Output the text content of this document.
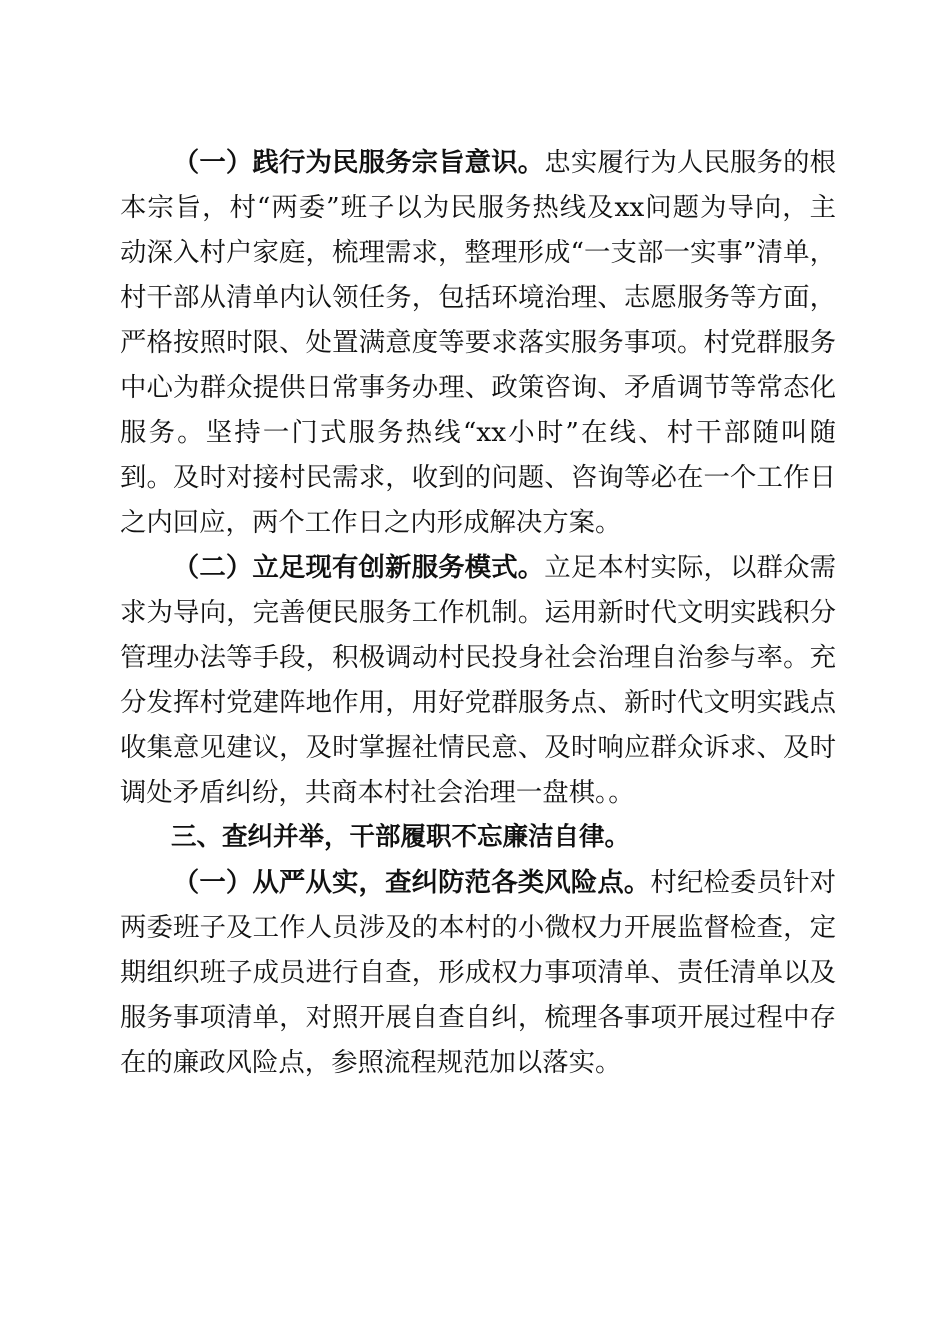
（一）践行为民服务宗旨意识。忠实履行为人民服务的根本宗旨，村“两委”班子以为民服务热线及xx问题为导向，主动深入村户家庭，梳理需求，整理形成“一支部一实事”清单，村干部从清单内认领任务，包括环境治理、志愿服务等方面，严格按照时限、处置满意度等要求落实服务事项。村党群服务中心为群众提供日常事务办理、政策咨询、矛盾调节等常态化服务。坚持一门式服务热线“xx小时”在线、村干部随叫随到。及时对接村民需求，收到的问题、咨询等必在一个工作日之内回应，两个工作日之内形成解决方案。

（二）立足现有创新服务模式。立足本村实际，以群众需求为导向，完善便民服务工作机制。运用新时代文明实践积分管理办法等手段，积极调动村民投身社会治理自治参与率。充分发挥村党建阵地作用，用好党群服务点、新时代文明实践点收集意见建议，及时掌握社情民意、及时响应群众诉求、及时调处矛盾纠纷，共商本村社会治理一盘棋。。

三、查纠并举，干部履职不忘廉洁自律。

（一）从严从实，查纠防范各类风险点。村纪检委员针对两委班子及工作人员涉及的本村的小微权力开展监督检查，定期组织班子成员进行自查，形成权力事项清单、责任清单以及服务事项清单，对照开展自查自纠，梳理各事项开展过程中存在的廉政风险点，参照流程规范加以落实。
